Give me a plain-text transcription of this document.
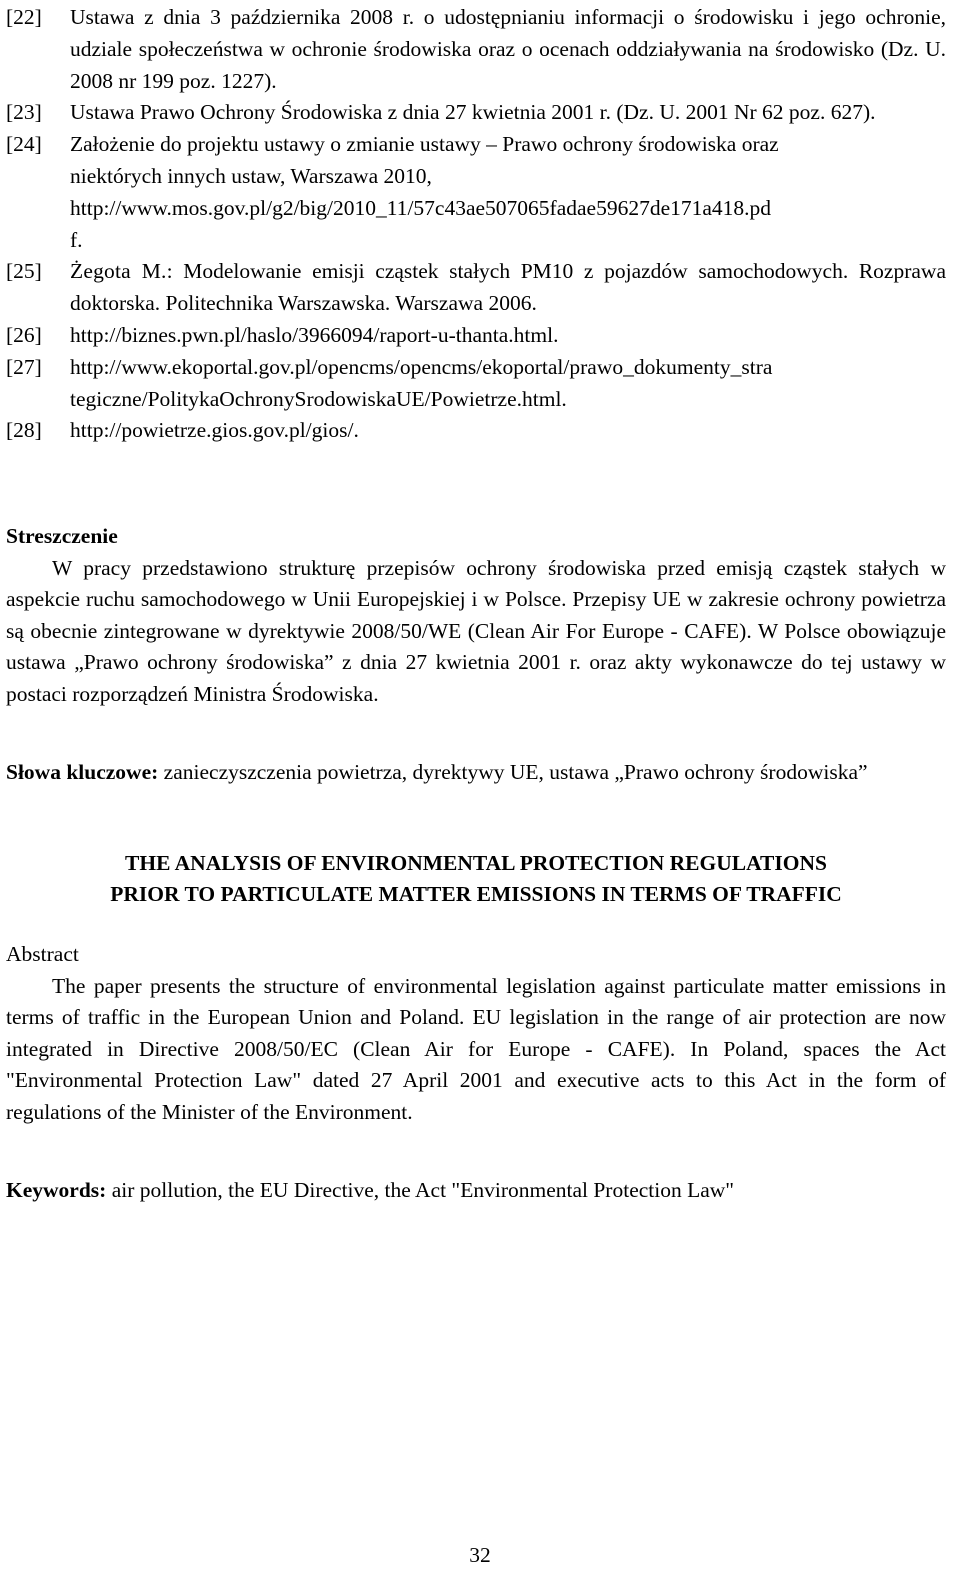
[22]	Ustawa z dnia 3 października 2008 r. o udostępnianiu informacji o środowisku i jego ochronie, udziale społeczeństwa w ochronie środowiska oraz o ocenach oddziaływania na środowisko (Dz. U. 2008 nr 199 poz. 1227).
[23]	Ustawa Prawo Ochrony Środowiska z dnia 27 kwietnia 2001 r. (Dz. U. 2001 Nr 62 poz. 627).
[24]	Założenie do projektu ustawy o zmianie ustawy – Prawo ochrony środowiska oraz
niektórych innych ustaw, Warszawa 2010,
http://www.mos.gov.pl/g2/big/2010_11/57c43ae507065fadae59627de171a418.pd
f.
[25]	Żegota M.: Modelowanie emisji cząstek stałych PM10 z pojazdów samochodowych. Rozprawa doktorska. Politechnika Warszawska. Warszawa 2006.
[26]	http://biznes.pwn.pl/haslo/3966094/raport-u-thanta.html.
[27]	http://www.ekoportal.gov.pl/opencms/opencms/ekoportal/prawo_dokumenty_stra
tegiczne/PolitykaOchronySrodowiskaUE/Powietrze.html.
[28]	http://powietrze.gios.gov.pl/gios/.
Streszczenie
W pracy przedstawiono strukturę przepisów ochrony środowiska przed emisją cząstek stałych w aspekcie ruchu samochodowego w Unii Europejskiej i w Polsce. Przepisy UE w zakresie ochrony powietrza są obecnie zintegrowane w dyrektywie 2008/50/WE (Clean Air For Europe - CAFE). W Polsce obowiązuje ustawa „Prawo ochrony środowiska” z dnia 27 kwietnia 2001 r. oraz akty wykonawcze do tej ustawy w postaci rozporządzeń Ministra Środowiska.
Słowa kluczowe: zanieczyszczenia powietrza, dyrektywy UE, ustawa „Prawo ochrony środowiska”
THE ANALYSIS OF ENVIRONMENTAL PROTECTION REGULATIONS
PRIOR TO PARTICULATE MATTER EMISSIONS IN TERMS OF TRAFFIC
Abstract
The paper presents the structure of environmental legislation against particulate matter emissions in terms of traffic in the European Union and Poland. EU legislation in the range of air protection are now integrated in Directive 2008/50/EC (Clean Air for Europe - CAFE). In Poland, spaces the Act "Environmental Protection Law" dated 27 April 2001 and executive acts to this Act in the form of regulations of the Minister of the Environment.
Keywords: air pollution, the EU Directive, the Act "Environmental Protection Law"
32
